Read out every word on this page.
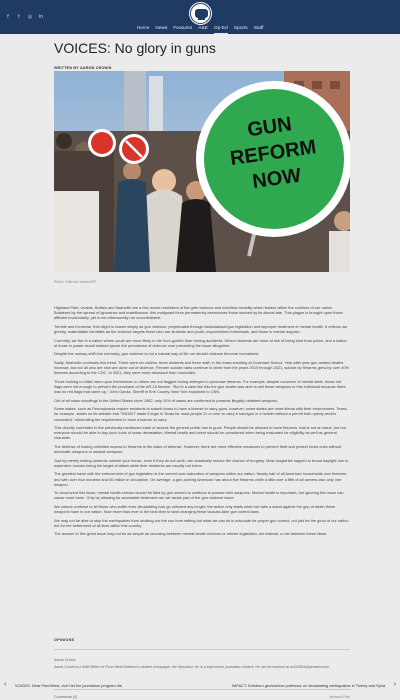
f	t	◎ in
Home News Features A&E Op-Ed Sports Staff
VOICES: No glory in guns
WRITTEN BY AARON CRONIN
GUN
REFORM
NOW
Photo: Wilfredo Velez/AFP

Highland Park, Uvalde, Buffalo and Nashville are a few recent reminders of the grim violence and needless brutality which festers within the confines of our nation. Bolstered by the spread of ignorance and malefficence, this malignant force permanently besmirches those marked by its dismal fate. This plague is brought upon those afflicted involuntarily, yet is not otherworldly nor uncontrollable.

Terrible and immense, this blight is known simply as gun violence, perpetuated through lackadaisical gun legislation and improper treatment of mental health. It reflects our greedy, materialistic identities as the violence targets those who are students and youth, impoverished individuals, and those in mental anguish.

Currently, we live in a nation where youth are more likely to die from gunfire than driving accidents. Where students are more at risk of being shot than police, and a nation of those in power would instead ignore the prevalence of violence over preventing the issue altogether.

Despite the uneasy shift into normalcy, gun violence is not a natural way of life nor should violence become normalized.

Sadly, Nashville continues this trend. There were six victims, three students and three staff, in the mass shooting at Covenant School. Year after year gun-related deaths increase, but not all who are shot are done out of violence. Firearm suicide rates continue to climb from the years 2019 through 2021, suicide by firearms grew by over 40% firearms according to the CDC. In 2021, they were more abundant than homicides.

Those looking to inflict harm upon themselves or others are not flagged during attempts to purchase firearms. For example, despite concerns of mental state, these red flags were not enough to prevent the purchase of the AR-15 firearm. "But in a case like this the gun dealer was able to sell these weapons to this individual because there was no red flags that came up," John Garcia, Sheriff in Erie County, New York explained to CNN.

Out of all mass shootings in the United States since 1982, only 11% of cases are confirmed to possess illegally obtained weapons.

Some states, such as Pennsylvania require residents to submit forms to have a license to carry guns, however, some states are more liberal with their enforcement. Texas, for example, states on its website that "HB1927 made it legal in Texas for most people 21 or over to carry a handgun in a holster without a permit both openly and/or concealed," eliminating the requirement to have a license to carry.

This directly correlates to the previously mentioned ease of access the general public has to guns. People should be allowed to have firearms, that is not an issue, but not everyone should be able to buy such tools of mass devastation. Mental health and intent should be considered when being evaluated for eligibility as well as general character.

The defense of having unlimited access to firearms is the claim of defense. However, there are more effective measures to prevent theft and protect loved ones without automatic weapons or assault weapons.

Just by merely having cameras outside your house, even if they do not work, can drastically reduce the chance of burglary. Most burglaries happen in broad daylight due to expensive houses being the target of attack while their residents are usually not home.

The greatest issue with the enforcement of gun legislation is the current over-saturation of weapons within our nation. Nearly half of all American households own firearms and with over four hundred and 50 million in circulation. On average, a gun-owning American has about five firearms while a little over a fifth of all owners own only one weapon.

To circumvent this issue, mental health checks should be filed by gun owners to continue to posses their weapons. Mental health is important, but ignoring this issue can cause more harm. Only by allowing for accessible treatment can we tackle part of the gun violence issue.

We cannot continue to let those who suffer from devastating loss go unheard any longer; the action only starts when we take a stand against the grip of death these weapons have in our nation. Now more than ever is the best time to start changing these lacsuss-faire gun control laws.

We may not be able to stop the earthquakes from shaking nor the sun from setting but what we can do is advocate for proper gun control, not just for the good of our nation but for the betterment of all lives within this country.

The answer to this great issue may not be as simple as choosing between mental health services or stricter legislation, but instead, a mix between these ideas.

OPINIONS
Aaron Cronin
Aaron Cronin is a Staff Writer for Penn West Edinboro's student newspaper, the Spectator. He is a sophomore journalism student. He can be reached at ac312064@penwest.edu.
Comments (0)	Newest First
‹ VOICES: Dear PennWest, don't let the journalism program die	IMPACT: Edinboro geoscience professor on devastating earthquakes in Turkey and Syria ›
